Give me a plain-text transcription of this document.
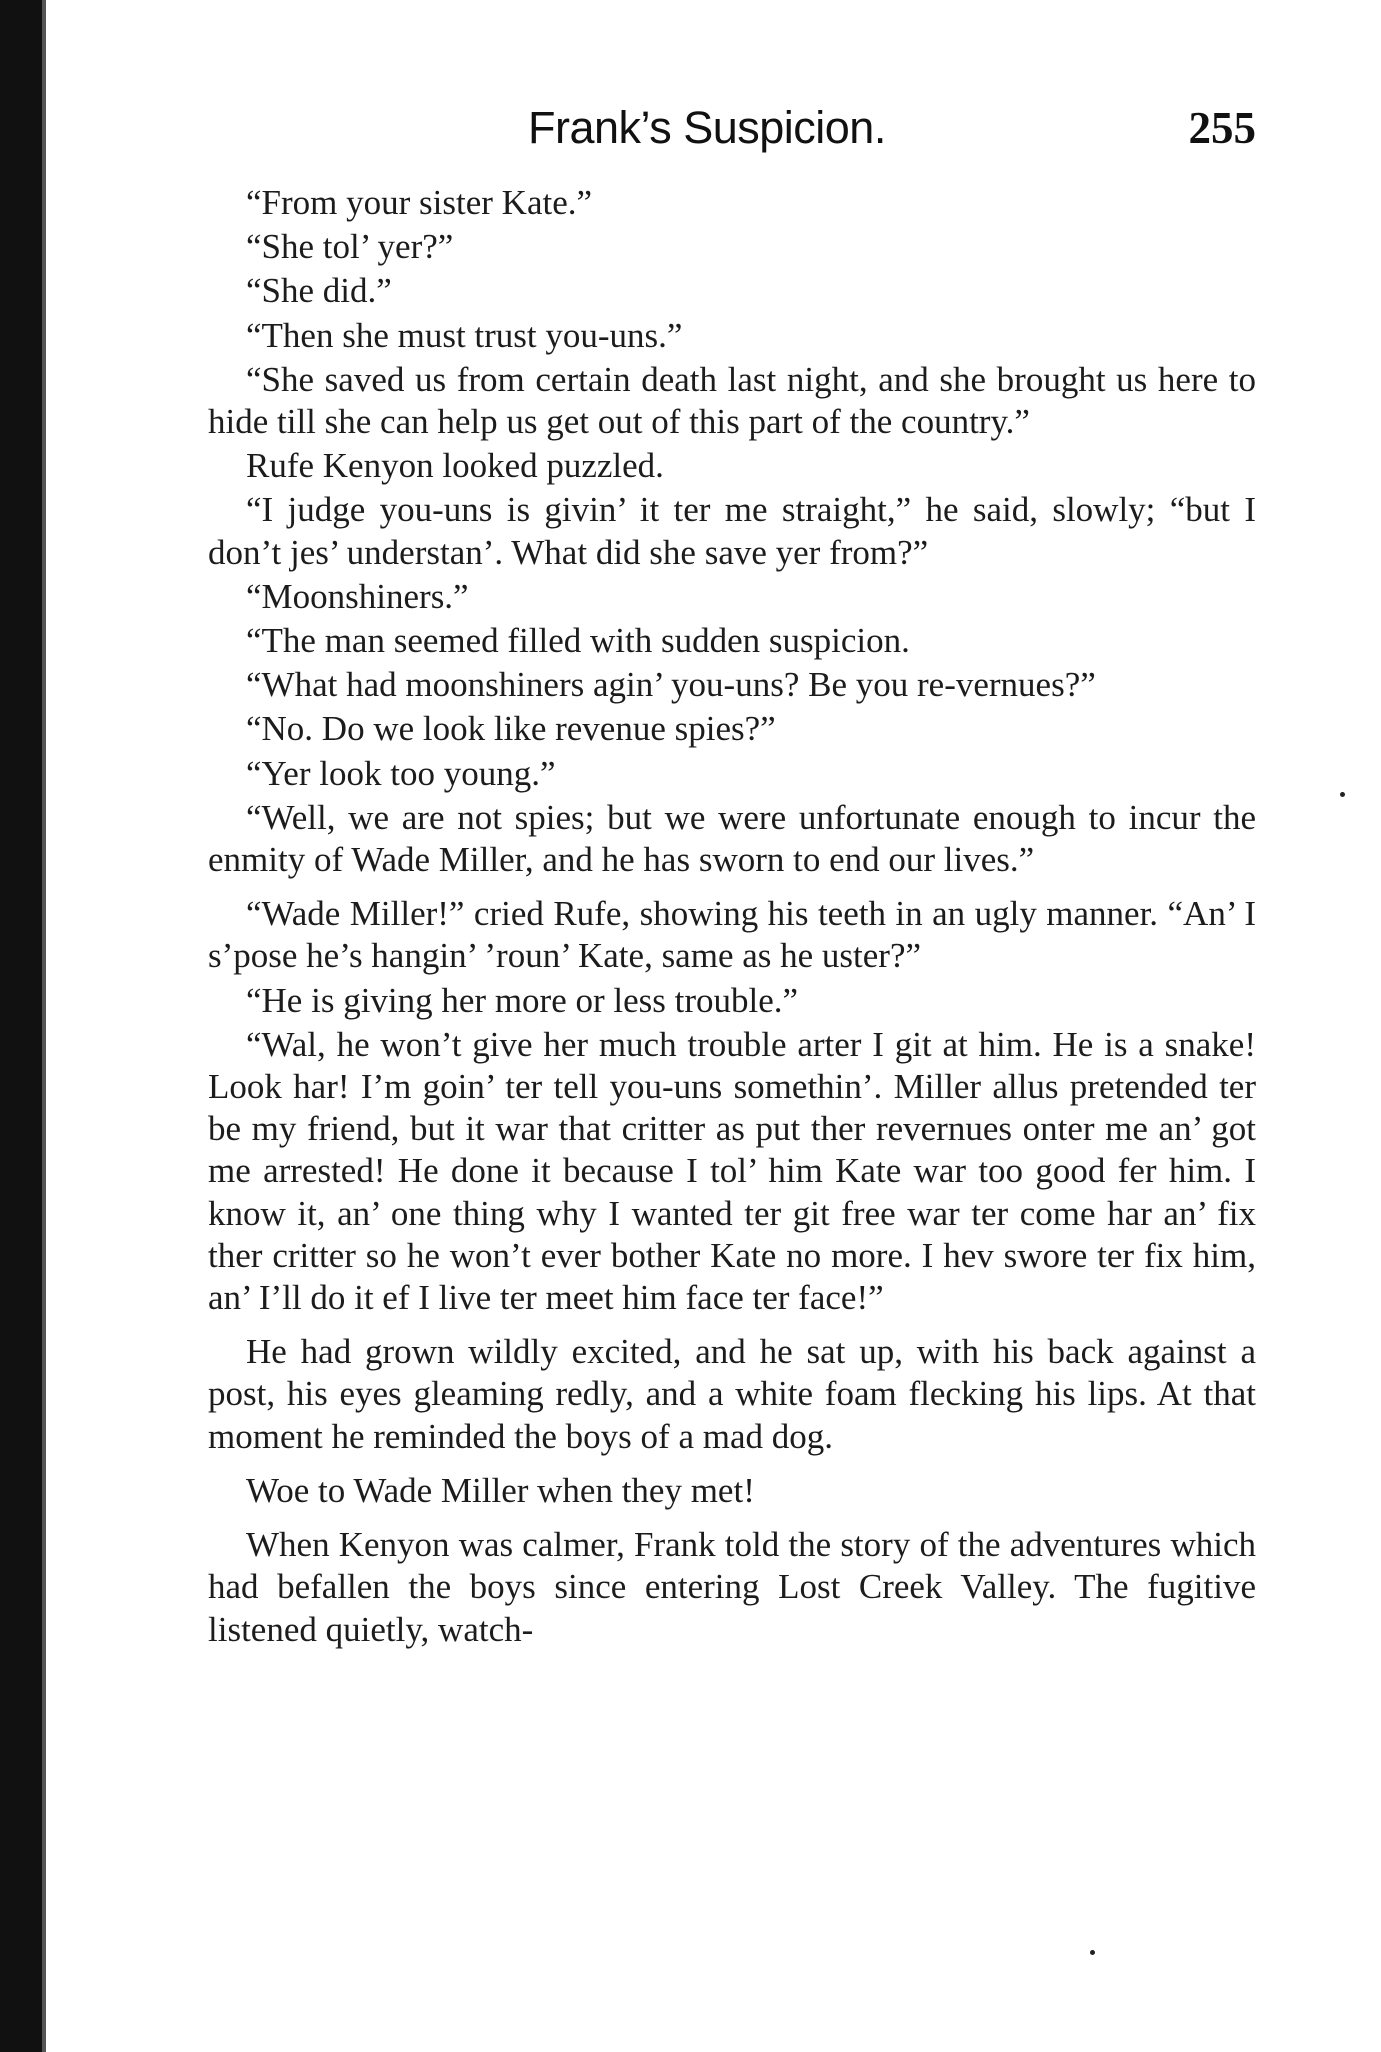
Frank’s Suspicion.	255

“From your sister Kate.”

“She tol’ yer?”

“She did.”

“Then she must trust you-uns.”

“She saved us from certain death last night, and she brought us here to hide till she can help us get out of this part of the country.”

Rufe Kenyon looked puzzled.

“I judge you-uns is givin’ it ter me straight,” he said, slowly; “but I don’t jes’ understan’. What did she save yer from?”

“Moonshiners.”

“The man seemed filled with sudden suspicion.

“What had moonshiners agin’ you-uns? Be you re-vernues?”

“No. Do we look like revenue spies?”

“Yer look too young.”

“Well, we are not spies; but we were unfortunate enough to incur the enmity of Wade Miller, and he has sworn to end our lives.”

“Wade Miller!” cried Rufe, showing his teeth in an ugly manner. “An’ I s’pose he’s hangin’ ’roun’ Kate, same as he uster?”

“He is giving her more or less trouble.”

“Wal, he won’t give her much trouble arter I git at him. He is a snake! Look har! I’m goin’ ter tell you-uns somethin’. Miller allus pretended ter be my friend, but it war that critter as put ther revernues onter me an’ got me arrested! He done it because I tol’ him Kate war too good fer him. I know it, an’ one thing why I wanted ter git free war ter come har an’ fix ther critter so he won’t ever bother Kate no more. I hev swore ter fix him, an’ I’ll do it ef I live ter meet him face ter face!”

He had grown wildly excited, and he sat up, with his back against a post, his eyes gleaming redly, and a white foam flecking his lips. At that moment he reminded the boys of a mad dog.

Woe to Wade Miller when they met!

When Kenyon was calmer, Frank told the story of the adventures which had befallen the boys since entering Lost Creek Valley. The fugitive listened quietly, watch-
